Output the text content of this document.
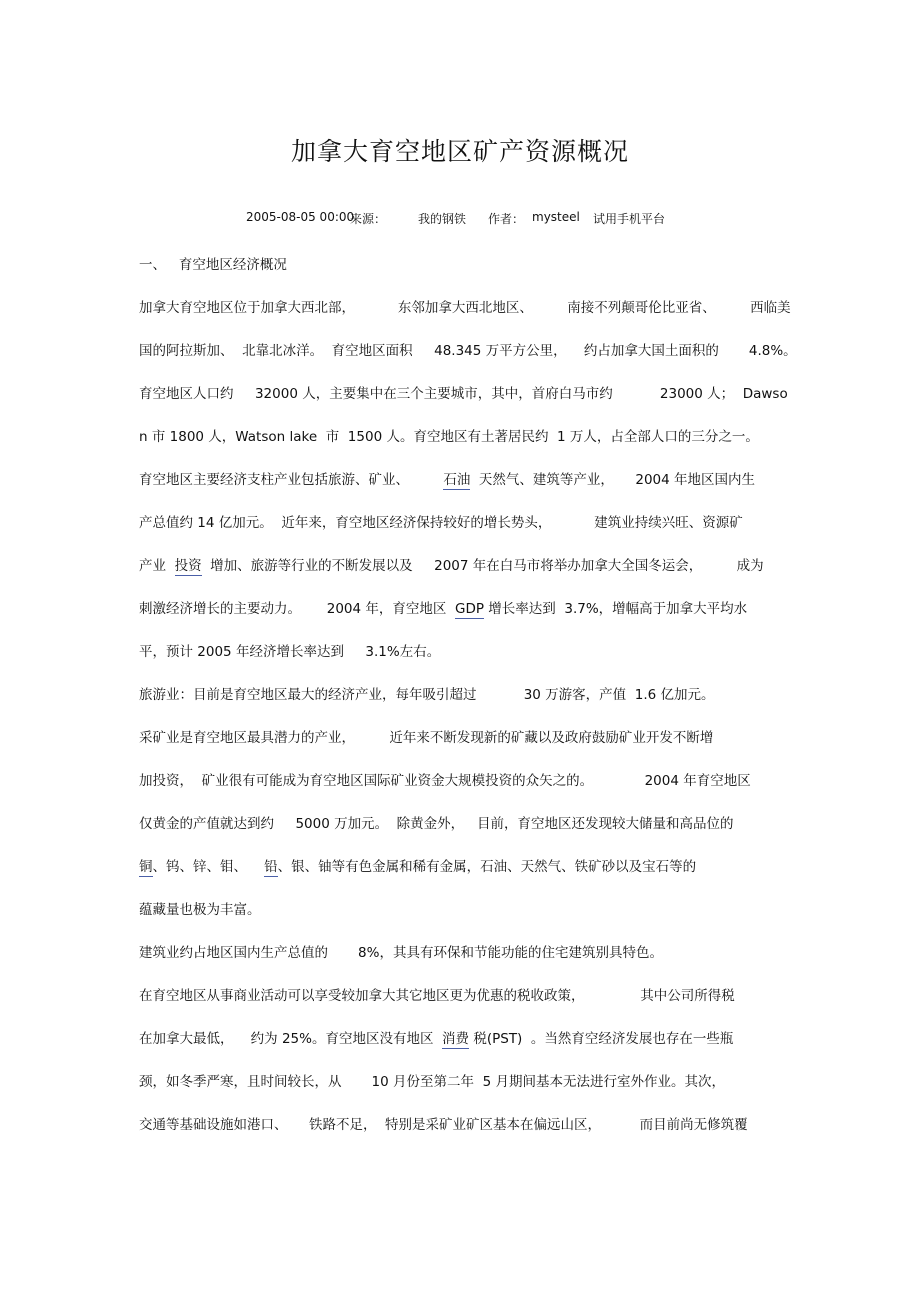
加拿大育空地区矿产资源概况
2005-08-05 00:00
来源：	我的钢铁 作者： mysteel 试用手机平台
一、   育空地区经济概况
加拿大育空地区位于加拿大西北部，          东邻加拿大西北地区、        南接不列颠哥伦比亚省、        西临美
国的阿拉斯加、  北靠北冰洋。  育空地区面积     48.345 万平方公里，    约占加拿大国土面积的       4.8%。
育空地区人口约     32000 人，主要集中在三个主要城市，其中，首府白马市约           23000 人；  Dawso
n 市 1800 人，Watson lake  市  1500 人。育空地区有土著居民约  1 万人，占全部人口的三分之一。
育空地区主要经济支柱产业包括旅游、矿业、        石油  天然气、建筑等产业，     2004 年地区国内生
产总值约 14 亿加元。  近年来，育空地区经济保持较好的增长势头，          建筑业持续兴旺、资源矿
产业  投资  增加、旅游等行业的不断发展以及     2007 年在白马市将举办加拿大全国冬运会，        成为
刺激经济增长的主要动力。      2004 年，育空地区  GDP 增长率达到  3.7%，增幅高于加拿大平均水
平，预计 2005 年经济增长率达到     3.1%左右。
旅游业：目前是育空地区最大的经济产业，每年吸引超过           30 万游客，产值  1.6 亿加元。
采矿业是育空地区最具潜力的产业，        近年来不断发现新的矿藏以及政府鼓励矿业开发不断增
加投资，  矿业很有可能成为育空地区国际矿业资金大规模投资的众矢之的。            2004 年育空地区
仅黄金的产值就达到约     5000 万加元。  除黄金外，   目前，育空地区还发现较大储量和高品位的
铜、钨、锌、钼、    铅、银、铀等有色金属和稀有金属，石油、天然气、铁矿砂以及宝石等的
蕴藏量也极为丰富。
建筑业约占地区国内生产总值的       8%，其具有环保和节能功能的住宅建筑别具特色。
在育空地区从事商业活动可以享受较加拿大其它地区更为优惠的税收政策，             其中公司所得税
在加拿大最低，    约为 25%。育空地区没有地区  消费 税(PST)  。当然育空经济发展也存在一些瓶
颈，如冬季严寒，且时间较长，从       10 月份至第二年  5 月期间基本无法进行室外作业。其次，
交通等基础设施如港口、     铁路不足，  特别是采矿业矿区基本在偏远山区，         而目前尚无修筑覆
